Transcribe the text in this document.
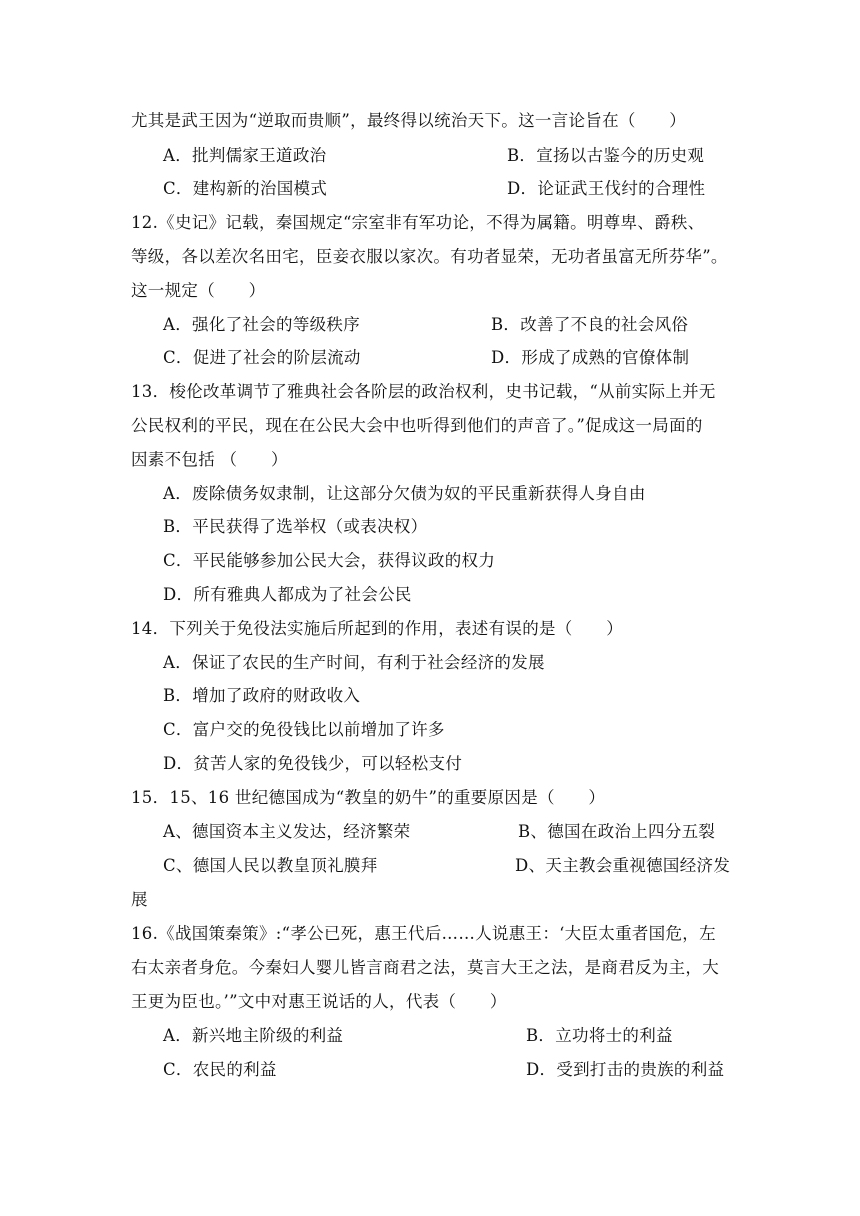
尤其是武王因为“逆取而贵顺”，最终得以统治天下。这一言论旨在（　　）
A．批判儒家王道政治	B．宣扬以古鉴今的历史观
C．建构新的治国模式	D．论证武王伐纣的合理性
12.《史记》记载，秦国规定“宗室非有军功论，不得为属籍。明尊卑、爵秩、
等级，各以差次名田宅，臣妾衣服以家次。有功者显荣，无功者虽富无所芬华”。
这一规定（　　）
A．强化了社会的等级秩序	B．改善了不良的社会风俗
C．促进了社会的阶层流动	D．形成了成熟的官僚体制
13．梭伦改革调节了雅典社会各阶层的政治权利，史书记载，“从前实际上并无
公民权利的平民，现在在公民大会中也听得到他们的声音了。”促成这一局面的
因素不包括 （　　）
A．废除债务奴隶制，让这部分欠债为奴的平民重新获得人身自由
B．平民获得了选举权（或表决权）
C．平民能够参加公民大会，获得议政的权力
D．所有雅典人都成为了社会公民
14．下列关于免役法实施后所起到的作用，表述有误的是（　　）
A．保证了农民的生产时间，有利于社会经济的发展
B．增加了政府的财政收入
C．富户交的免役钱比以前增加了许多
D．贫苦人家的免役钱少，可以轻松支付
15．15、16 世纪德国成为“教皇的奶牛”的重要原因是（　　）
A、德国资本主义发达，经济繁荣	B、德国在政治上四分五裂
C、德国人民以教皇顶礼膜拜	D、天主教会重视德国经济发
展
16.《战国策秦策》:“孝公已死，惠王代后……人说惠王：‘大臣太重者国危，左
右太亲者身危。今秦妇人婴儿皆言商君之法，莫言大王之法，是商君反为主，大
王更为臣也。’”文中对惠王说话的人，代表（　　）
A．新兴地主阶级的利益	B．立功将士的利益
C．农民的利益	D．受到打击的贵族的利益
